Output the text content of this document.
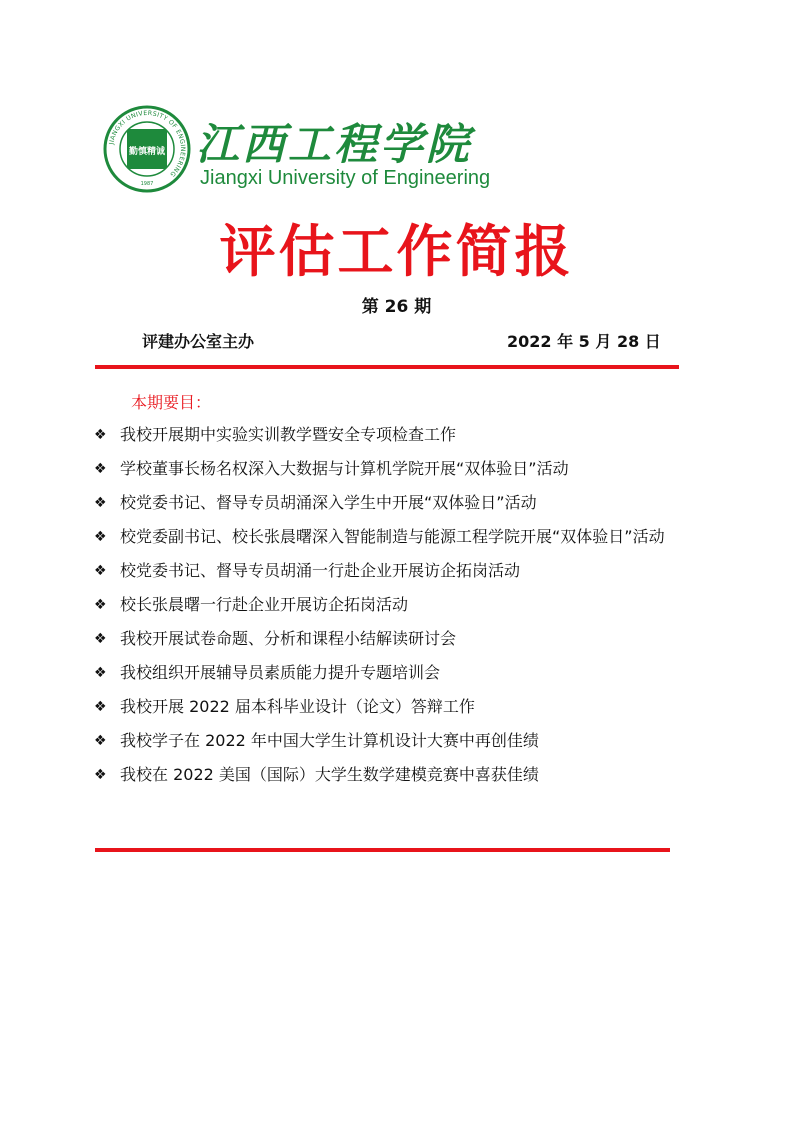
JIANGXI UNIVERSITY OF ENGINEERING
1987
勤慎精诚 江西工程学院
Jiangxi University of Engineering
评估工作简报
第 26 期
评建办公室主办	2022 年 5 月 28 日
本期要目：
❖ 我校开展期中实验实训教学暨安全专项检查工作
❖ 学校董事长杨名权深入大数据与计算机学院开展“双体验日”活动
❖ 校党委书记、督导专员胡涌深入学生中开展“双体验日”活动
❖ 校党委副书记、校长张晨曙深入智能制造与能源工程学院开展“双体验日”活动
❖ 校党委书记、督导专员胡涌一行赴企业开展访企拓岗活动
❖ 校长张晨曙一行赴企业开展访企拓岗活动
❖ 我校开展试卷命题、分析和课程小结解读研讨会
❖ 我校组织开展辅导员素质能力提升专题培训会
❖ 我校开展 2022 届本科毕业设计（论文）答辩工作
❖ 我校学子在 2022 年中国大学生计算机设计大赛中再创佳绩
❖ 我校在 2022 美国（国际）大学生数学建模竞赛中喜获佳绩
